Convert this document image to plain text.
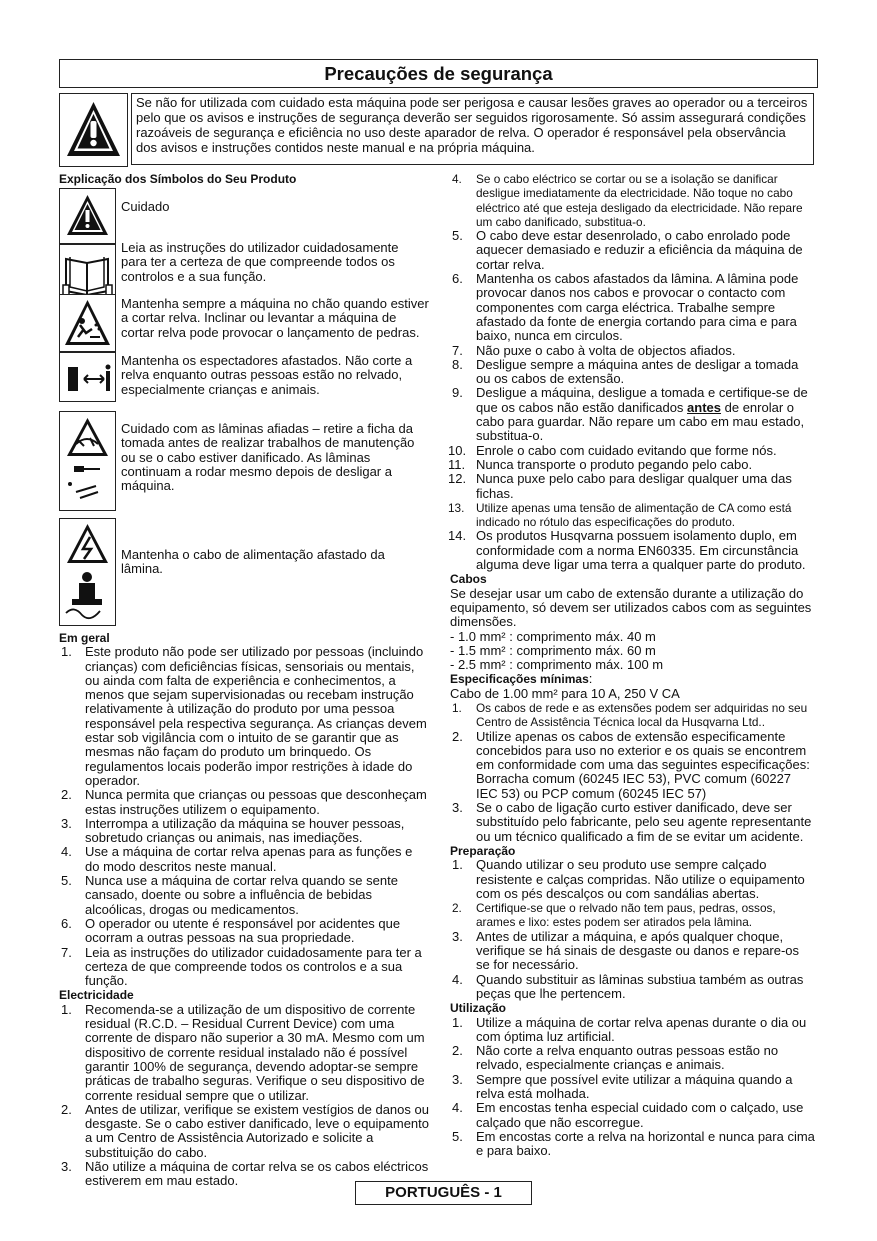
Precauções de segurança
Se não for utilizada com cuidado esta máquina pode ser perigosa e causar lesões graves ao operador ou a terceiros pelo que os avisos e instruções de segurança deverão ser seguidos rigorosamente. Só assim assegurará condições razoáveis de segurança e eficiência no uso deste aparador de relva. O operador é responsável pela observância dos avisos e instruções contidos neste manual e na própria máquina.
Explicação dos Símbolos do Seu Produto
Cuidado
Leia as instruções do utilizador cuidadosamente para ter a certeza de que compreende todos os controlos e a sua função.
Mantenha sempre a máquina no chão quando estiver a cortar relva. Inclinar ou levantar a máquina de cortar relva pode provocar o lançamento de pedras.
Mantenha os espectadores afastados. Não corte a relva enquanto outras pessoas estão no relvado, especialmente crianças e animais.
Cuidado com as lâminas afiadas – retire a ficha da tomada antes de realizar trabalhos de manutenção ou se o cabo estiver danificado. As lâminas continuam a rodar mesmo depois de desligar a máquina.
Mantenha o cabo de alimentação afastado da lâmina.
Em geral
1. Este produto não pode ser utilizado por pessoas (incluindo crianças) com deficiências físicas, sensoriais ou mentais, ou ainda com falta de experiência e conhecimentos, a menos que sejam supervisionadas ou recebam instrução relativamente à utilização do produto por uma pessoa responsável pela respectiva segurança. As crianças devem estar sob vigilância com o intuito de se garantir que as mesmas não façam do produto um brinquedo. Os regulamentos locais poderão impor restrições à idade do operador.
2. Nunca permita que crianças ou pessoas que desconheçam estas instruções utilizem o equipamento.
3. Interrompa a utilização da máquina se houver pessoas, sobretudo crianças ou animais, nas imediações.
4. Use a máquina de cortar relva apenas para as funções e do modo descritos neste manual.
5. Nunca use a máquina de cortar relva quando se sente cansado, doente ou sobre a influência de bebidas alcoólicas, drogas ou medicamentos.
6. O operador ou utente é responsável por acidentes que ocorram a outras pessoas na sua propriedade.
7. Leia as instruções do utilizador cuidadosamente para ter a certeza de que compreende todos os controlos e a sua função.
Electricidade
1. Recomenda-se a utilização de um dispositivo de corrente residual (R.C.D. – Residual Current Device) com uma corrente de disparo não superior a 30 mA. Mesmo com um dispositivo de corrente residual instalado não é possível garantir 100% de segurança, devendo adoptar-se sempre práticas de trabalho seguras. Verifique o seu dispositivo de corrente residual sempre que o utilizar.
2. Antes de utilizar, verifique se existem vestígios de danos ou desgaste. Se o cabo estiver danificado, leve o equipamento a um Centro de Assistência Autorizado e solicite a substituição do cabo.
3. Não utilize a máquina de cortar relva se os cabos eléctricos estiverem em mau estado.
4. Se o cabo eléctrico se cortar ou se a isolação se danificar desligue imediatamente da electricidade. Não toque no cabo eléctrico até que esteja desligado da electricidade. Não repare um cabo danificado, substitua-o.
5. O cabo deve estar desenrolado, o cabo enrolado pode aquecer demasiado e reduzir a eficiência da máquina de cortar relva.
6. Mantenha os cabos afastados da lâmina. A lâmina pode provocar danos nos cabos e provocar o contacto com componentes com carga eléctrica. Trabalhe sempre afastado da fonte de energia cortando para cima e para baixo, nunca em circulos.
7. Não puxe o cabo à volta de objectos afiados.
8. Desligue sempre a máquina antes de desligar a tomada ou os cabos de extensão.
9. Desligue a máquina, desligue a tomada e certifique-se de que os cabos não estão danificados antes de enrolar o cabo para guardar. Não repare um cabo em mau estado, substitua-o.
10. Enrole o cabo com cuidado evitando que forme nós.
11. Nunca transporte o produto pegando pelo cabo.
12. Nunca puxe pelo cabo para desligar qualquer uma das fichas.
13. Utilize apenas uma tensão de alimentação de CA como está indicado no rótulo das especificações do produto.
14. Os produtos Husqvarna possuem isolamento duplo, em conformidade com a norma EN60335. Em circunstância alguma deve ligar uma terra a qualquer parte do produto.
Cabos
Se desejar usar um cabo de extensão durante a utilização do equipamento, só devem ser utilizados cabos com as seguintes dimensões.
- 1.0 mm² : comprimento máx. 40 m
- 1.5 mm² : comprimento máx. 60 m
- 2.5 mm² : comprimento máx. 100 m
Especificações mínimas:
Cabo de 1.00 mm² para 10 A, 250 V CA
1. Os cabos de rede e as extensões podem ser adquiridas no seu Centro de Assistência Técnica local da Husqvarna Ltd..
2. Utilize apenas os cabos de extensão especificamente concebidos para uso no exterior e os quais se encontrem em conformidade com uma das seguintes especificações: Borracha comum (60245 IEC 53), PVC comum (60227 IEC 53) ou PCP comum (60245 IEC 57)
3. Se o cabo de ligação curto estiver danificado, deve ser substituído pelo fabricante, pelo seu agente representante ou um técnico qualificado a fim de se evitar um acidente.
Preparação
1. Quando utilizar o seu produto use sempre calçado resistente e calças compridas. Não utilize o equipamento com os pés descalços ou com sandálias abertas.
2. Certifique-se que o relvado não tem paus, pedras, ossos, arames e lixo: estes podem ser atirados pela lâmina.
3. Antes de utilizar a máquina, e após qualquer choque, verifique se há sinais de desgaste ou danos e repare-os se for necessário.
4. Quando substituir as lâminas substiua também as outras peças que lhe pertencem.
Utilização
1. Utilize a máquina de cortar relva apenas durante o dia ou com óptima luz artificial.
2. Não corte a relva enquanto outras pessoas estão no relvado, especialmente crianças e animais.
3. Sempre que possível evite utilizar a máquina quando a relva está molhada.
4. Em encostas tenha especial cuidado com o calçado, use calçado que não escorregue.
5. Em encostas corte a relva na horizontal e nunca para cima e para baixo.
PORTUGUÊS - 1
